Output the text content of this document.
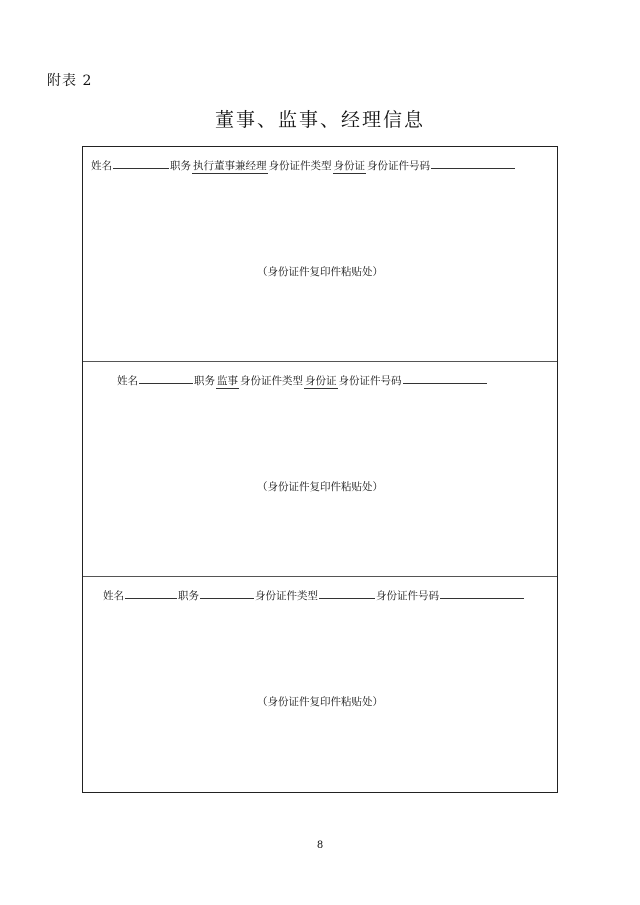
附表 2
董事、监事、经理信息
姓名	职务 执行董事兼经理 身份证件类型 身份证 身份证件号码
（身份证件复印件粘贴处）
姓名	职务 监事 身份证件类型 身份证 身份证件号码
（身份证件复印件粘贴处）
姓名	职务	身份证件类型	身份证件号码
（身份证件复印件粘贴处）
8
